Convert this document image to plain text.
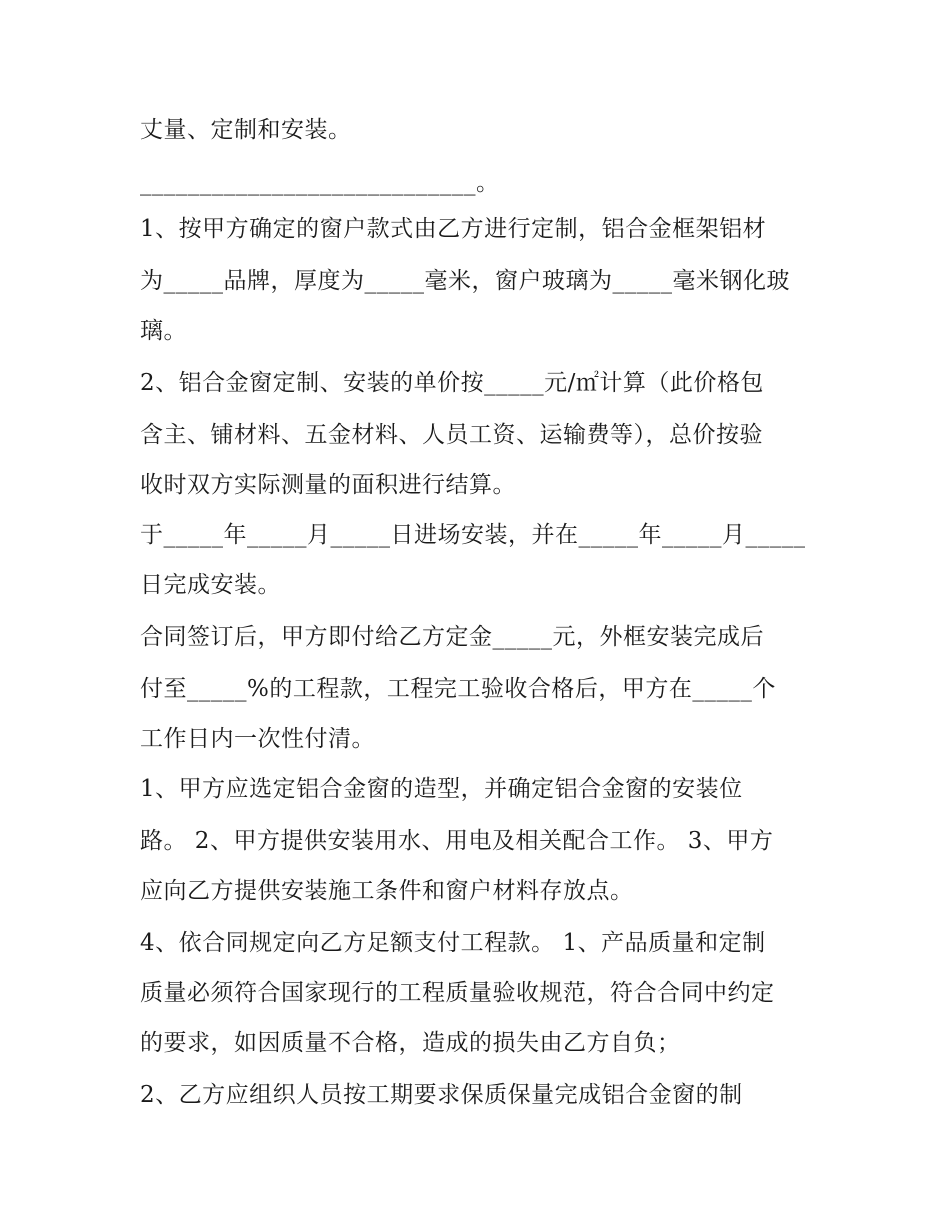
丈量、定制和安装。
____________________________。
1、按甲方确定的窗户款式由乙方进行定制，铝合金框架铝材
为_____品牌，厚度为_____毫米，窗户玻璃为_____毫米钢化玻
璃。
2、铝合金窗定制、安装的单价按_____元/㎡计算（此价格包
含主、铺材料、五金材料、人员工资、运输费等），总价按验
收时双方实际测量的面积进行结算。
于_____年_____月_____日进场安装，并在_____年_____月_____
日完成安装。
合同签订后，甲方即付给乙方定金_____元，外框安装完成后
付至_____%的工程款，工程完工验收合格后，甲方在_____个
工作日内一次性付清。
1、甲方应选定铝合金窗的造型，并确定铝合金窗的安装位
路。 2、甲方提供安装用水、用电及相关配合工作。 3、甲方
应向乙方提供安装施工条件和窗户材料存放点。
4、依合同规定向乙方足额支付工程款。 1、产品质量和定制
质量必须符合国家现行的工程质量验收规范，符合合同中约定
的要求，如因质量不合格，造成的损失由乙方自负；
2、乙方应组织人员按工期要求保质保量完成铝合金窗的制
